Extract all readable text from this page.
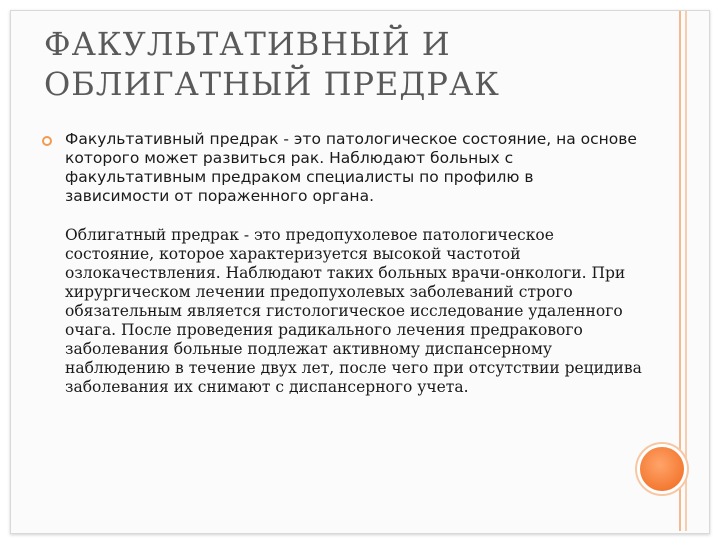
ФАКУЛЬТАТИВНЫЙ И ОБЛИГАТНЫЙ ПРЕДРАК

Факультативный предрак - это патологическое состояние, на основе которого может развиться рак. Наблюдают больных с факультативным предраком специалисты по профилю в зависимости от пораженного органа.

Облигатный предрак - это предопухолевое патологическое состояние, которое характеризуется высокой частотой озлокачествления. Наблюдают таких больных врачи-онкологи. При хирургическом лечении предопухолевых заболеваний строго обязательным является гистологическое исследование удаленного очага. После проведения радикального лечения предракового заболевания больные подлежат активному диспансерному наблюдению в течение двух лет, после чего при отсутствии рецидива заболевания их снимают с диспансерного учета.
